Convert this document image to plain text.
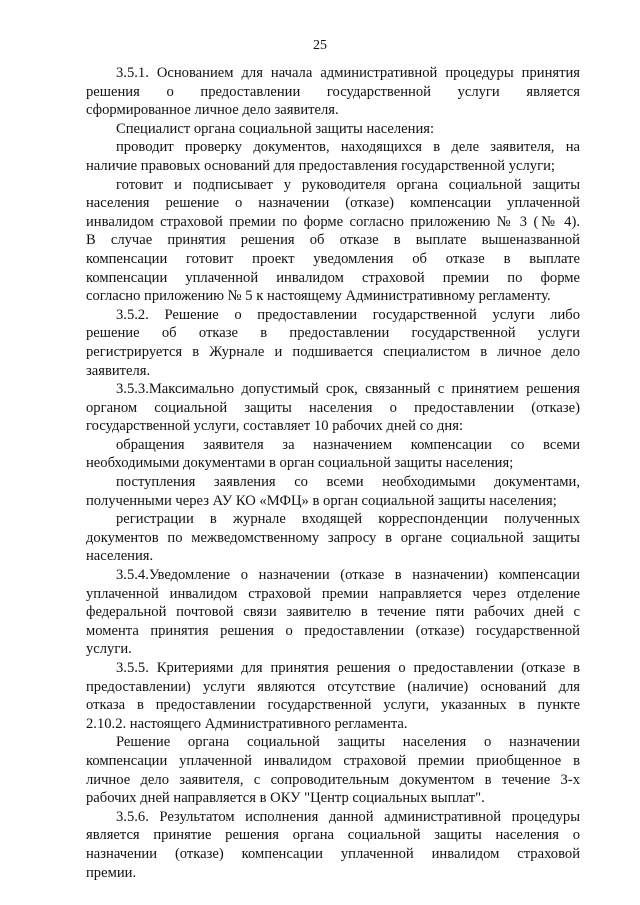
25
3.5.1. Основанием для начала административной процедуры принятия
решения о предоставлении государственной услуги является
сформированное личное дело заявителя.
Специалист органа социальной защиты населения:
проводит проверку документов, находящихся в деле заявителя, на
наличие правовых оснований для предоставления государственной услуги;
готовит и подписывает у руководителя органа социальной защиты
населения решение о назначении (отказе) компенсации уплаченной
инвалидом страховой премии по форме согласно приложению № 3 (№ 4).
В случае принятия решения об отказе в выплате вышеназванной
компенсации готовит проект уведомления об отказе в выплате
компенсации уплаченной инвалидом страховой премии по форме
согласно приложению № 5 к настоящему Административному регламенту.
3.5.2. Решение о предоставлении государственной услуги либо
решение об отказе в предоставлении государственной услуги
регистрируется в Журнале и подшивается специалистом в личное дело
заявителя.
3.5.3.Максимально допустимый срок, связанный с принятием решения
органом социальной защиты населения о предоставлении (отказе)
государственной услуги, составляет 10 рабочих дней со дня:
обращения заявителя за назначением компенсации со всеми
необходимыми документами в орган социальной защиты населения;
поступления заявления со всеми необходимыми документами,
полученными через АУ КО «МФЦ» в орган социальной защиты населения;
регистрации в журнале входящей корреспонденции полученных
документов по межведомственному запросу в органе социальной защиты
населения.
3.5.4.Уведомление о назначении (отказе в назначении) компенсации
уплаченной инвалидом страховой премии направляется через отделение
федеральной почтовой связи заявителю в течение пяти рабочих дней с
момента принятия решения о предоставлении (отказе) государственной
услуги.
3.5.5. Критериями для принятия решения о предоставлении (отказе в
предоставлении) услуги являются отсутствие (наличие) оснований для
отказа в предоставлении государственной услуги, указанных в пункте
2.10.2. настоящего Административного регламента.
Решение органа социальной защиты населения о назначении
компенсации уплаченной инвалидом страховой премии приобщенное в
личное дело заявителя, с сопроводительным документом в течение 3-х
рабочих дней направляется в ОКУ "Центр социальных выплат".
3.5.6. Результатом исполнения данной административной процедуры
является принятие решения органа социальной защиты населения о
назначении (отказе) компенсации уплаченной инвалидом страховой
премии.
